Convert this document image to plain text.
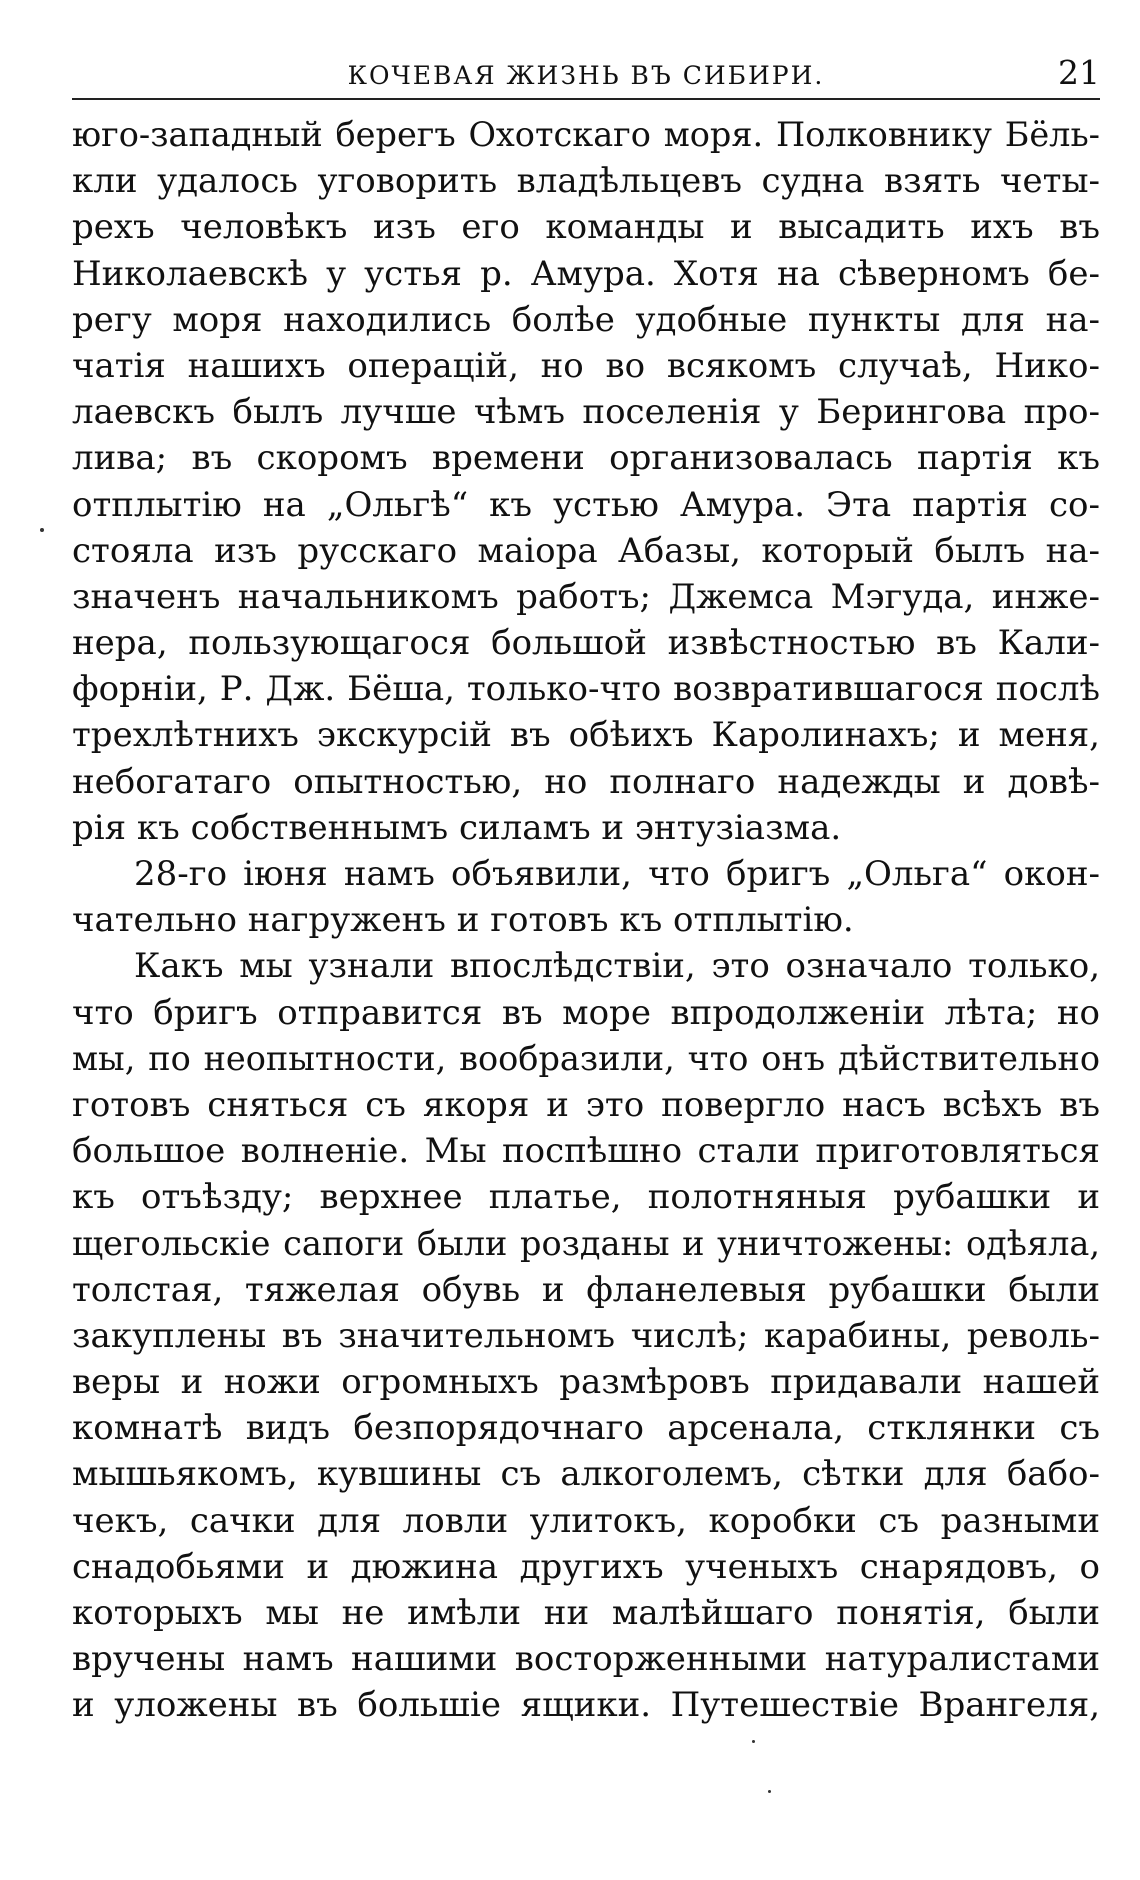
КОЧЕВАЯ ЖИЗНЬ ВЪ СИБИРИ.	21
юго-западный берегъ Охотскаго моря. Полковнику Бёль-
кли удалось уговорить владѣльцевъ судна взять четы-
рехъ человѣкъ изъ его команды и высадить ихъ въ
Николаевскѣ у устья р. Амура. Хотя на сѣверномъ бе-
регу моря находились болѣе удобные пункты для на-
чатія нашихъ операцій, но во всякомъ случаѣ, Нико-
лаевскъ былъ лучше чѣмъ поселенія у Берингова про-
лива; въ скоромъ времени организовалась партія къ
отплытію на „Ольгѣ“ къ устью Амура. Эта партія со-
стояла изъ русскаго маіора Абазы, который былъ на-
значенъ начальникомъ работъ; Джемса Мэгуда, инже-
нера, пользующагося большой извѣстностью въ Кали-
форніи, Р. Дж. Бёша, только-что возвратившагося послѣ
трехлѣтнихъ экскурсій въ обѣихъ Каролинахъ; и меня,
небогатаго опытностью, но полнаго надежды и довѣ-
рія къ собственнымъ силамъ и энтузіазма.
28-го іюня намъ объявили, что бригъ „Ольга“ окон-
чательно нагруженъ и готовъ къ отплытію.
Какъ мы узнали впослѣдствіи, это означало только,
что бригъ отправится въ море впродолженіи лѣта; но
мы, по неопытности, вообразили, что онъ дѣйствительно
готовъ сняться съ якоря и это повергло насъ всѣхъ въ
большое волненіе. Мы поспѣшно стали приготовляться
къ отъѣзду; верхнее платье, полотняныя рубашки и
щегольскіе сапоги были розданы и уничтожены: одѣяла,
толстая, тяжелая обувь и фланелевыя рубашки были
закуплены въ значительномъ числѣ; карабины, револь-
веры и ножи огромныхъ размѣровъ придавали нашей
комнатѣ видъ безпорядочнаго арсенала, стклянки съ
мышьякомъ, кувшины съ алкоголемъ, сѣтки для бабо-
чекъ, сачки для ловли улитокъ, коробки съ разными
снадобьями и дюжина другихъ ученыхъ снарядовъ, о
которыхъ мы не имѣли ни малѣйшаго понятія, были
вручены намъ нашими восторженными натуралистами
и уложены въ большіе ящики. Путешествіе Врангеля,
